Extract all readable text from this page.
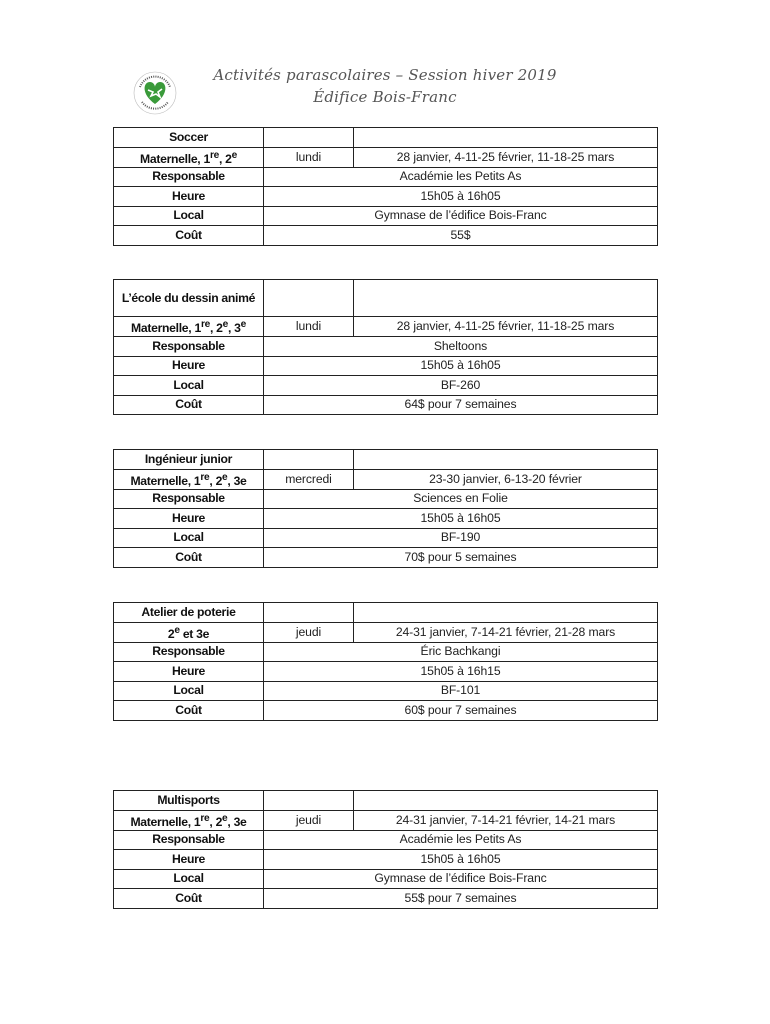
Activités parascolaires – Session hiver 2019
Édifice Bois-Franc
Soccer		
Maternelle, 1re, 2e	lundi	28 janvier, 4-11-25 février, 11-18-25 mars
Responsable	Académie les Petits As	
Heure	15h05 à 16h05	
Local	Gymnase de l’édifice Bois-Franc	
Coût	55$	
L’école du dessin animé		
Maternelle, 1re, 2e, 3e	lundi	28 janvier, 4-11-25 février, 11-18-25 mars
Responsable	Sheltoons	
Heure	15h05 à 16h05	
Local	BF-260	
Coût	64$ pour 7 semaines	
Ingénieur junior		
Maternelle, 1re, 2e, 3e	mercredi	23-30 janvier, 6-13-20 février
Responsable	Sciences en Folie	
Heure	15h05 à 16h05	
Local	BF-190	
Coût	70$ pour 5 semaines	
Atelier de poterie		
2e et 3e	jeudi	24-31 janvier, 7-14-21 février, 21-28 mars
Responsable	Éric Bachkangi	
Heure	15h05 à 16h15	
Local	BF-101	
Coût	60$ pour 7 semaines	
Multisports		
Maternelle, 1re, 2e, 3e	jeudi	24-31 janvier, 7-14-21 février, 14-21 mars
Responsable	Académie les Petits As	
Heure	15h05 à 16h05	
Local	Gymnase de l’édifice Bois-Franc	
Coût	55$ pour 7 semaines	
